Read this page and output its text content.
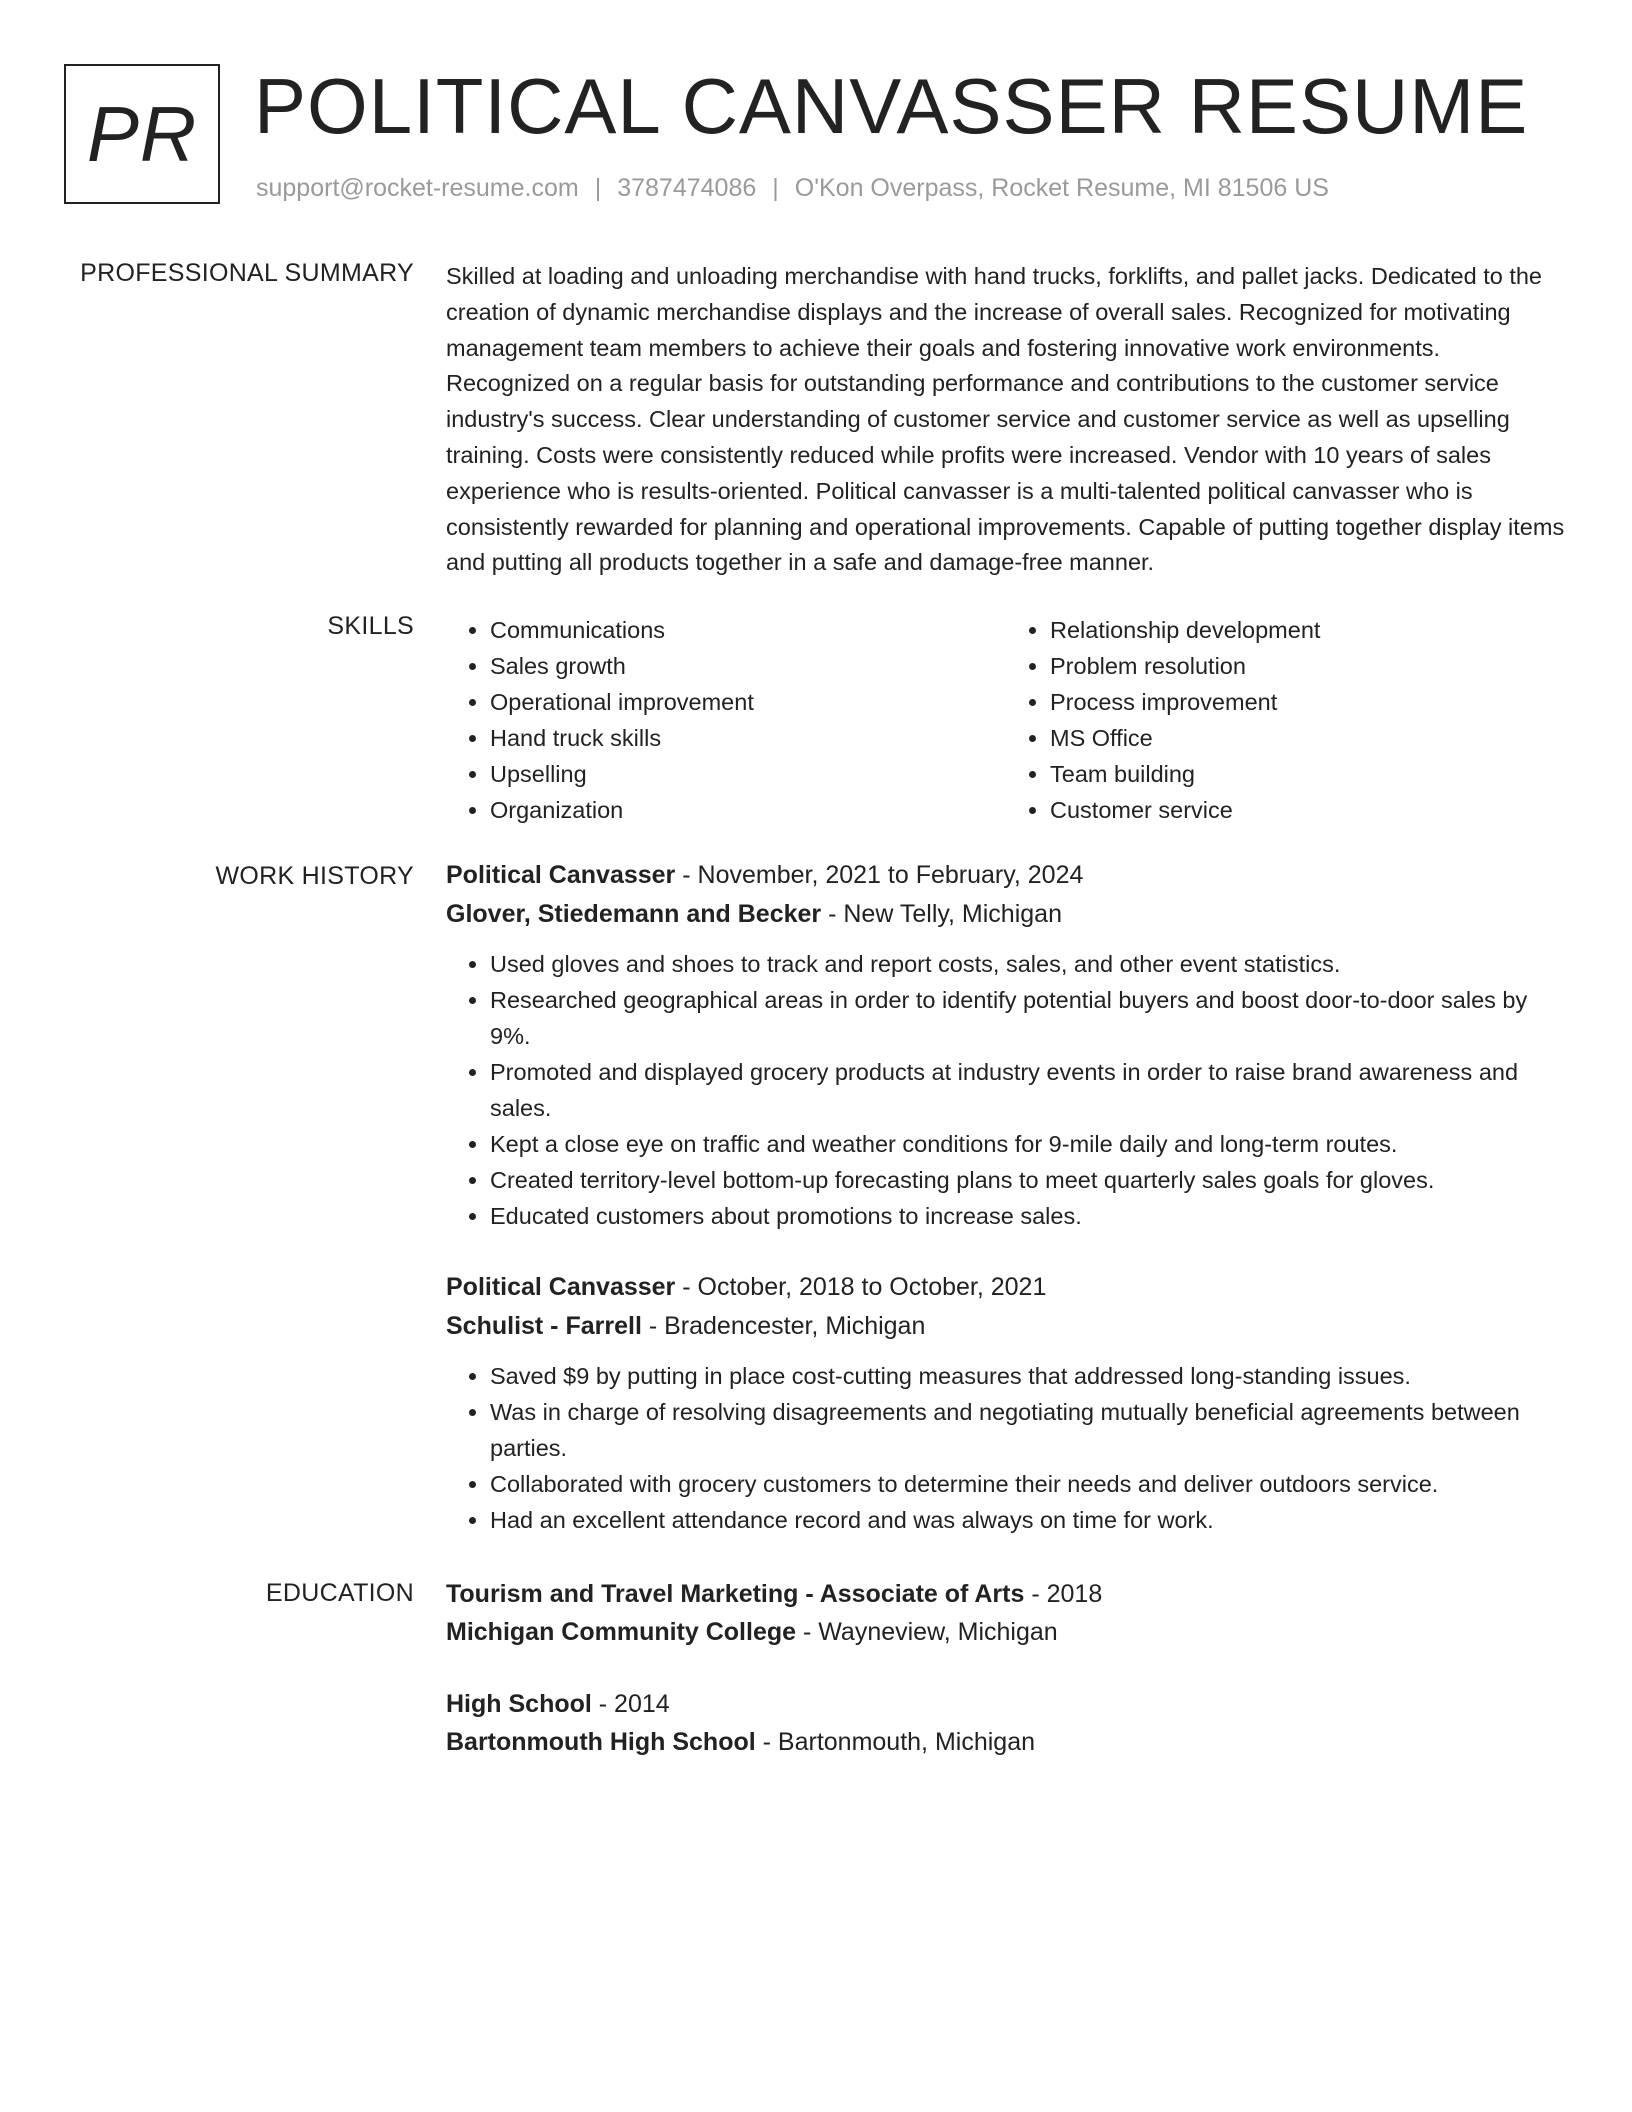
PR POLITICAL CANVASSER RESUME
support@rocket-resume.com | 3787474086 | O'Kon Overpass, Rocket Resume, MI 81506 US
PROFESSIONAL SUMMARY Skilled at loading and unloading merchandise with hand trucks, forklifts, and pallet jacks. Dedicated to the creation of dynamic merchandise displays and the increase of overall sales. Recognized for motivating management team members to achieve their goals and fostering innovative work environments. Recognized on a regular basis for outstanding performance and contributions to the customer service industry's success. Clear understanding of customer service and customer service as well as upselling training. Costs were consistently reduced while profits were increased. Vendor with 10 years of sales experience who is results-oriented. Political canvasser is a multi-talented political canvasser who is consistently rewarded for planning and operational improvements. Capable of putting together display items and putting all products together in a safe and damage-free manner.

SKILLS
•	Communications
• Sales growth
• Operational improvement
• Hand truck skills
• Upselling
• Organization
• Relationship development
• Problem resolution
• Process improvement
• MS Office
• Team building
• Customer service
WORK HISTORY Political Canvasser - November, 2021 to February, 2024
Glover, Stiedemann and Becker - New Telly, Michigan
• Used gloves and shoes to track and report costs, sales, and other event statistics.
• Researched geographical areas in order to identify potential buyers and boost door-to-door sales by 9%.
• Promoted and displayed grocery products at industry events in order to raise brand awareness and sales.
• Kept a close eye on traffic and weather conditions for 9-mile daily and long-term routes.
• Created territory-level bottom-up forecasting plans to meet quarterly sales goals for gloves.
• Educated customers about promotions to increase sales.
Political Canvasser - October, 2018 to October, 2021
Schulist - Farrell - Bradencester, Michigan
• Saved $9 by putting in place cost-cutting measures that addressed long-standing issues.
• Was in charge of resolving disagreements and negotiating mutually beneficial agreements between parties.
• Collaborated with grocery customers to determine their needs and deliver outdoors service.
• Had an excellent attendance record and was always on time for work.
EDUCATION Tourism and Travel Marketing - Associate of Arts - 2018
Michigan Community College - Wayneview, Michigan
High School - 2014
Bartonmouth High School - Bartonmouth, Michigan
